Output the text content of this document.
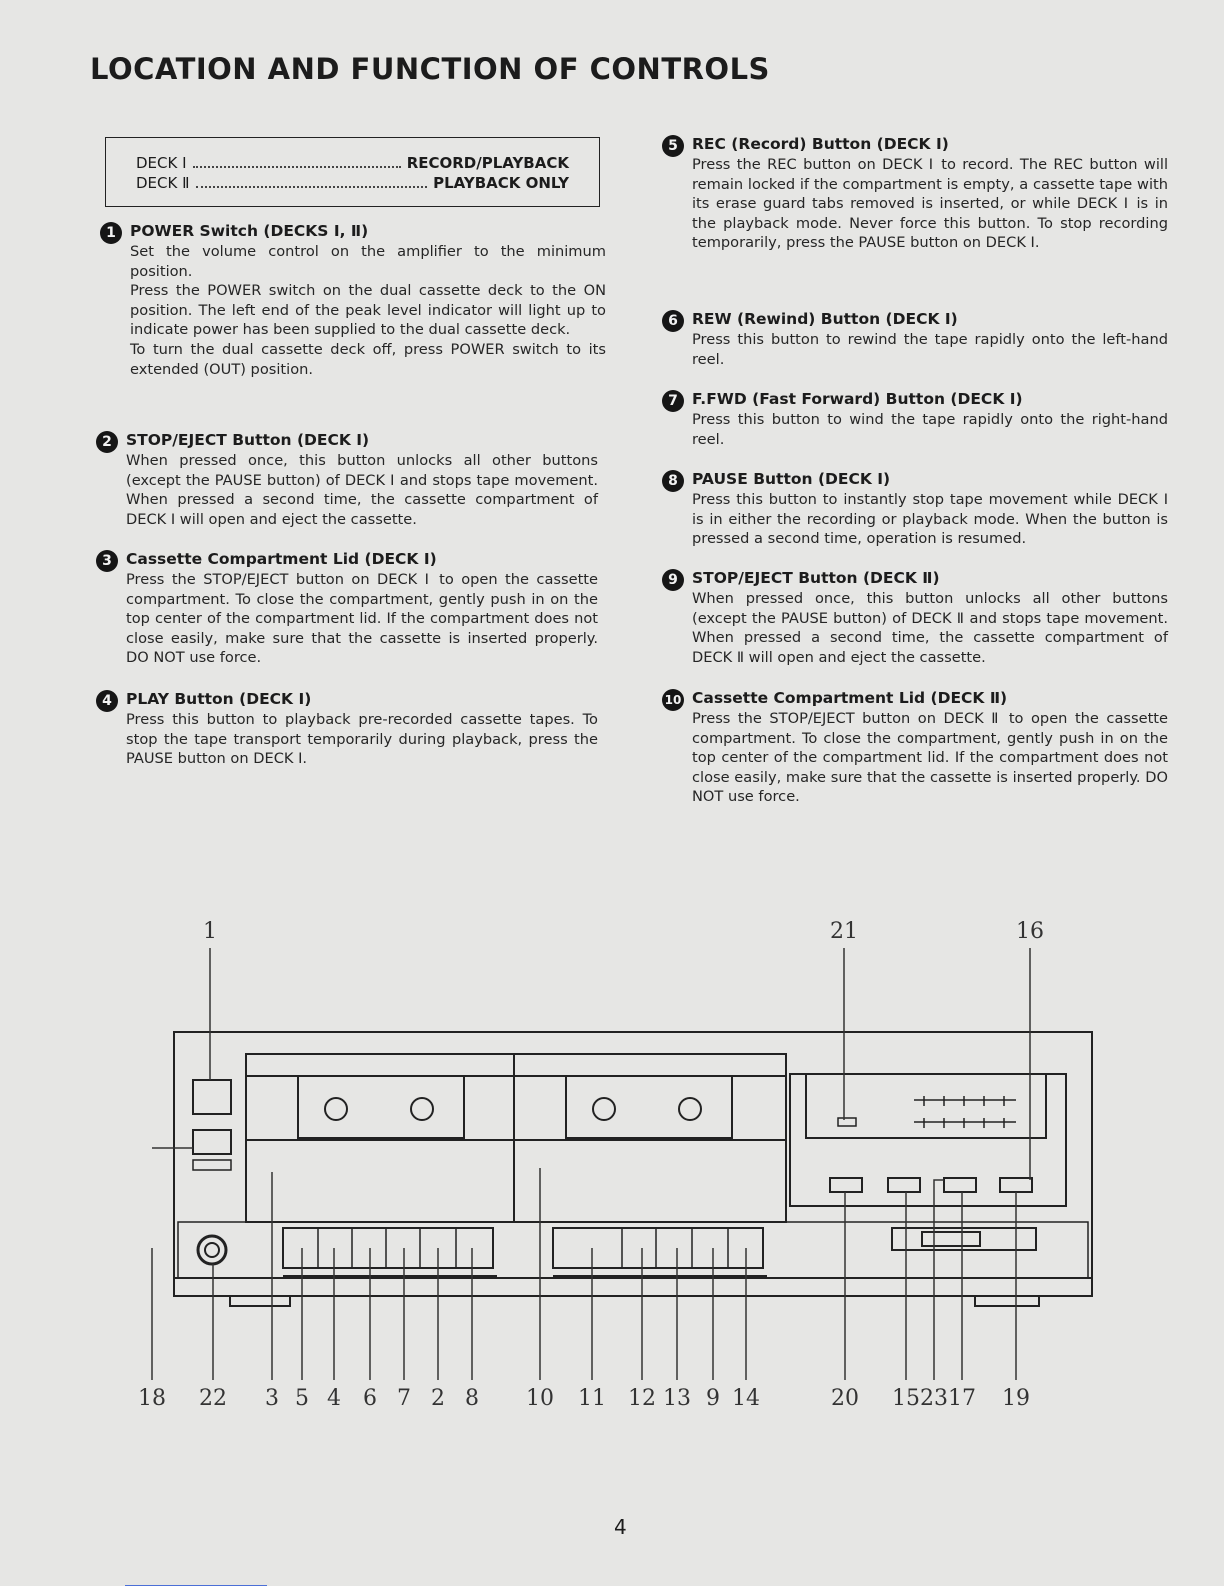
LOCATION AND FUNCTION OF CONTROLS
DECK Ⅰ	RECORD/PLAYBACK
DECK Ⅱ	PLAYBACK ONLY
1 POWER Switch (DECKS Ⅰ, Ⅱ)

Set the volume control on the amplifier to the minimum position.

Press the POWER switch on the dual cassette deck to the ON position. The left end of the peak level indicator will light up to indicate power has been supplied to the dual cassette deck.

To turn the dual cassette deck off, press POWER switch to its extended (OUT) position.

2 STOP/EJECT Button (DECK Ⅰ)

When pressed once, this button unlocks all other buttons (except the PAUSE button) of DECK Ⅰ and stops tape movement. When pressed a second time, the cassette compartment of DECK Ⅰ will open and eject the cassette.

3 Cassette Compartment Lid (DECK Ⅰ)

Press the STOP/EJECT button on DECK Ⅰ to open the cassette compartment. To close the compartment, gently push in on the top center of the compartment lid. If the compartment does not close easily, make sure that the cassette is inserted properly. DO NOT use force.

4 PLAY Button (DECK Ⅰ)

Press this button to playback pre-recorded cassette tapes. To stop the tape transport temporarily during playback, press the PAUSE button on DECK Ⅰ.

5 REC (Record) Button (DECK Ⅰ)

Press the REC button on DECK Ⅰ to record. The REC button will remain locked if the compartment is empty, a cassette tape with its erase guard tabs removed is inserted, or while DECK Ⅰ is in the playback mode. Never force this button. To stop recording temporarily, press the PAUSE button on DECK Ⅰ.

6 REW (Rewind) Button (DECK Ⅰ)

Press this button to rewind the tape rapidly onto the left-hand reel.

7 F.FWD (Fast Forward) Button (DECK Ⅰ)

Press this button to wind the tape rapidly onto the right-hand reel.

8 PAUSE Button (DECK Ⅰ)

Press this button to instantly stop tape movement while DECK Ⅰ is in either the recording or playback mode. When the button is pressed a second time, operation is resumed.

9 STOP/EJECT Button (DECK Ⅱ)

When pressed once, this button unlocks all other buttons (except the PAUSE button) of DECK Ⅱ and stops tape movement. When pressed a second time, the cassette compartment of DECK Ⅱ will open and eject the cassette.

10 Cassette Compartment Lid (DECK Ⅱ)

Press the STOP/EJECT button on DECK Ⅱ to open the cassette compartment. To close the compartment, gently push in on the top center of the compartment lid. If the compartment does not close easily, make sure that the cassette is inserted properly. DO NOT use force.

1	21	16
18 22 3 5 4 6 7 2 8 10 11 12 13 9 14	20 15 23 17 19
4
